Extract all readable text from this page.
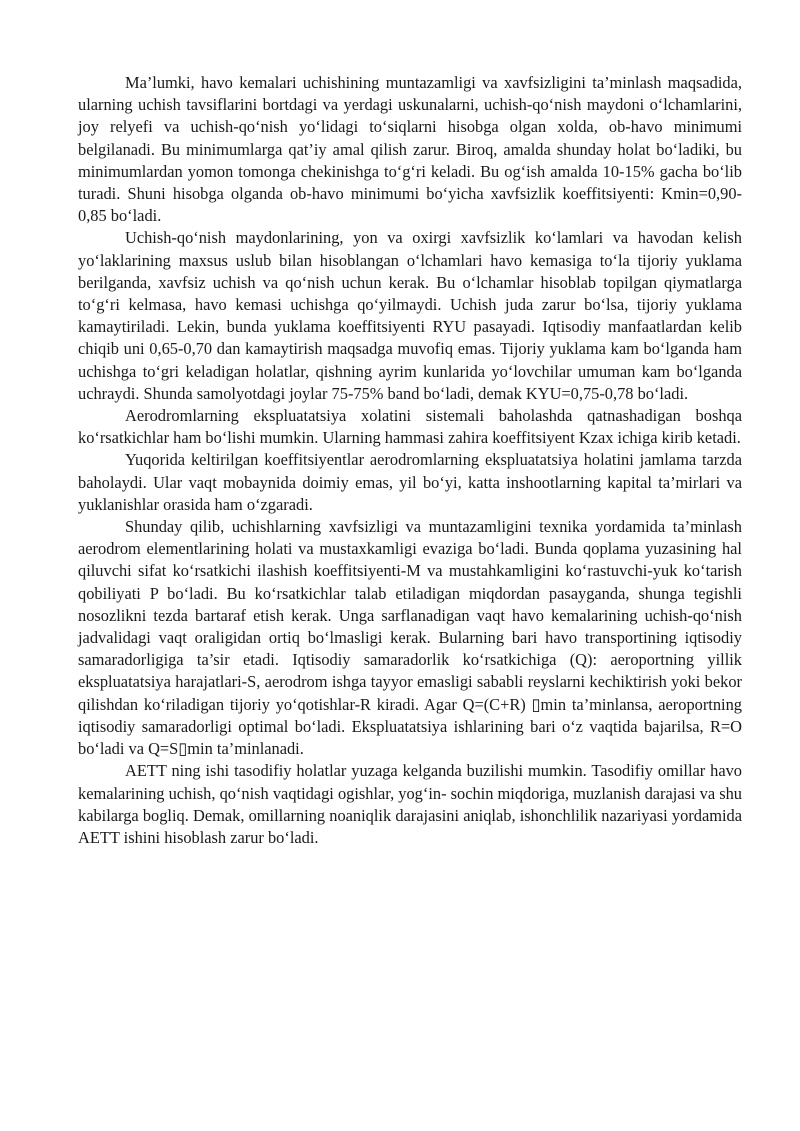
Ma’lumki, havo kemalari uchishining muntazamligi va xavfsizligini ta’minlash maqsadida, ularning uchish tavsiflarini bortdagi va yerdagi uskunalarni, uchish-qo‘nish maydoni o‘lchamlarini, joy relyefi va uchish-qo‘nish yo‘lidagi to‘siqlarni hisobga olgan xolda, ob-havo minimumi belgilanadi. Bu minimumlarga qat’iy amal qilish zarur. Biroq, amalda shunday holat bo‘ladiki, bu minimumlardan yomon tomonga chekinishga to‘g‘ri keladi. Bu og‘ish amalda 10-15% gacha bo‘lib turadi. Shuni hisobga olganda ob-havo minimumi bo‘yicha xavfsizlik koeffitsiyenti: Kmin=0,90-0,85 bo‘ladi.

Uchish-qo‘nish maydonlarining, yon va oxirgi xavfsizlik ko‘lamlari va havodan kelish yo‘laklarining maxsus uslub bilan hisoblangan o‘lchamlari havo kemasiga to‘la tijoriy yuklama berilganda, xavfsiz uchish va qo‘nish uchun kerak. Bu o‘lchamlar hisoblab topilgan qiymatlarga to‘g‘ri kelmasa, havo kemasi uchishga qo‘yilmaydi. Uchish juda zarur bo‘lsa, tijoriy yuklama kamaytiriladi. Lekin, bunda yuklama koeffitsiyenti RYU pasayadi. Iqtisodiy manfaatlardan kelib chiqib uni 0,65-0,70 dan kamaytirish maqsadga muvofiq emas. Tijoriy yuklama kam bo‘lganda ham uchishga to‘gri keladigan holatlar, qishning ayrim kunlarida yo‘lovchilar umuman kam bo‘lganda uchraydi. Shunda samolyotdagi joylar 75-75% band bo‘ladi, demak KYU=0,75-0,78 bo‘ladi.

Aerodromlarning ekspluatatsiya xolatini sistemali baholashda qatnashadigan boshqa ko‘rsatkichlar ham bo‘lishi mumkin. Ularning hammasi zahira koeffitsiyent Kzax ichiga kirib ketadi.

Yuqorida keltirilgan koeffitsiyentlar aerodromlarning ekspluatatsiya holatini jamlama tarzda baholaydi. Ular vaqt mobaynida doimiy emas, yil bo‘yi, katta inshootlarning kapital ta’mirlari va yuklanishlar orasida ham o‘zgaradi.

Shunday qilib, uchishlarning xavfsizligi va muntazamligini texnika yordamida ta’minlash aerodrom elementlarining holati va mustaxkamligi evaziga bo‘ladi. Bunda qoplama yuzasining hal qiluvchi sifat ko‘rsatkichi ilashish koeffitsiyenti-M va mustahkamligini ko‘rastuvchi-yuk ko‘tarish qobiliyati P bo‘ladi. Bu ko‘rsatkichlar talab etiladigan miqdordan pasayganda, shunga tegishli nosozlikni tezda bartaraf etish kerak. Unga sarflanadigan vaqt havo kemalarining uchish-qo‘nish jadvalidagi vaqt oraligidan ortiq bo‘lmasligi kerak. Bularning bari havo transportining iqtisodiy samaradorligiga ta’sir etadi. Iqtisodiy samaradorlik ko‘rsatkichiga (Q): aeroportning yillik ekspluatatsiya harajatlari-S, aerodrom ishga tayyor emasligi sababli reyslarni kechiktirish yoki bekor qilishdan ko‘riladigan tijoriy yo‘qotishlar-R kiradi. Agar Q=(C+R) ▯min ta’minlansa, aeroportning iqtisodiy samaradorligi optimal bo‘ladi. Ekspluatatsiya ishlarining bari o‘z vaqtida bajarilsa, R=O bo‘ladi va Q=S▯min ta’minlanadi.

AETT ning ishi tasodifiy holatlar yuzaga kelganda buzilishi mumkin. Tasodifiy omillar havo kemalarining uchish, qo‘nish vaqtidagi ogishlar, yog‘in- sochin miqdoriga, muzlanish darajasi va shu kabilarga bogliq. Demak, omillarning noaniqlik darajasini aniqlab, ishonchlilik nazariyasi yordamida AETT ishini hisoblash zarur bo‘ladi.
